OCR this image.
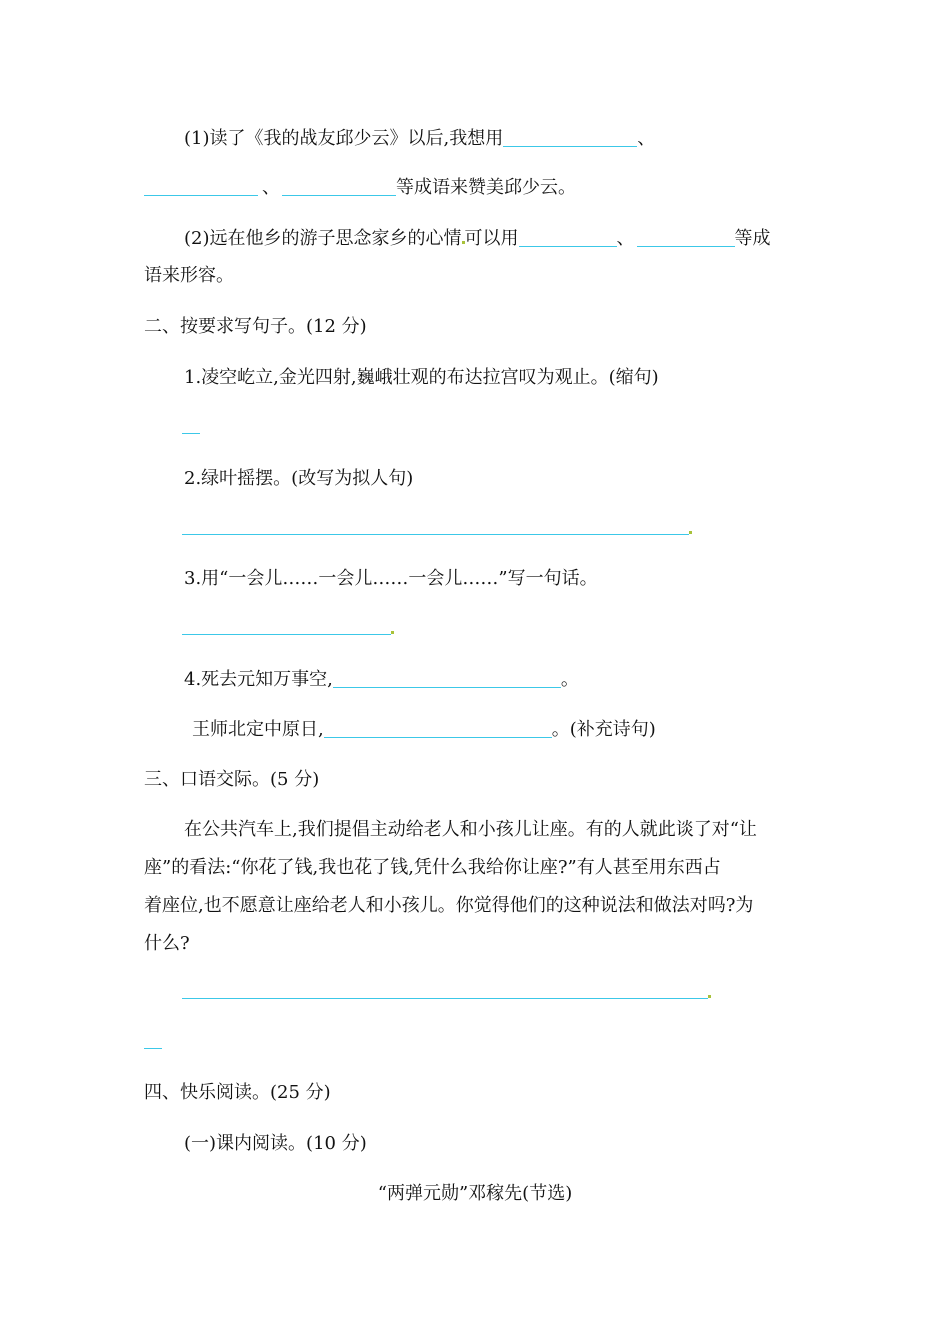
(1)读了《我的战友邱少云》以后,我想用	、
、	等成语来赞美邱少云。
(2)远在他乡的游子思念家乡的心情 可以用	、	等成
语来形容。
二、按要求写句子。(12 分)
1.凌空屹立,金光四射,巍峨壮观的布达拉宫叹为观止。(缩句)
2.绿叶摇摆。(改写为拟人句)
3.用“一会儿……一会儿……一会儿……”写一句话。
4.死去元知万事空,	。
王师北定中原日,	。(补充诗句)
三、口语交际。(5 分)
在公共汽车上,我们提倡主动给老人和小孩儿让座。有的人就此谈了对“让
座”的看法:“你花了钱,我也花了钱,凭什么我给你让座?”有人甚至用东西占
着座位,也不愿意让座给老人和小孩儿。你觉得他们的这种说法和做法对吗?为
什么?
四、快乐阅读。(25 分)
(一)课内阅读。(10 分)
“两弹元勋”邓稼先(节选)
